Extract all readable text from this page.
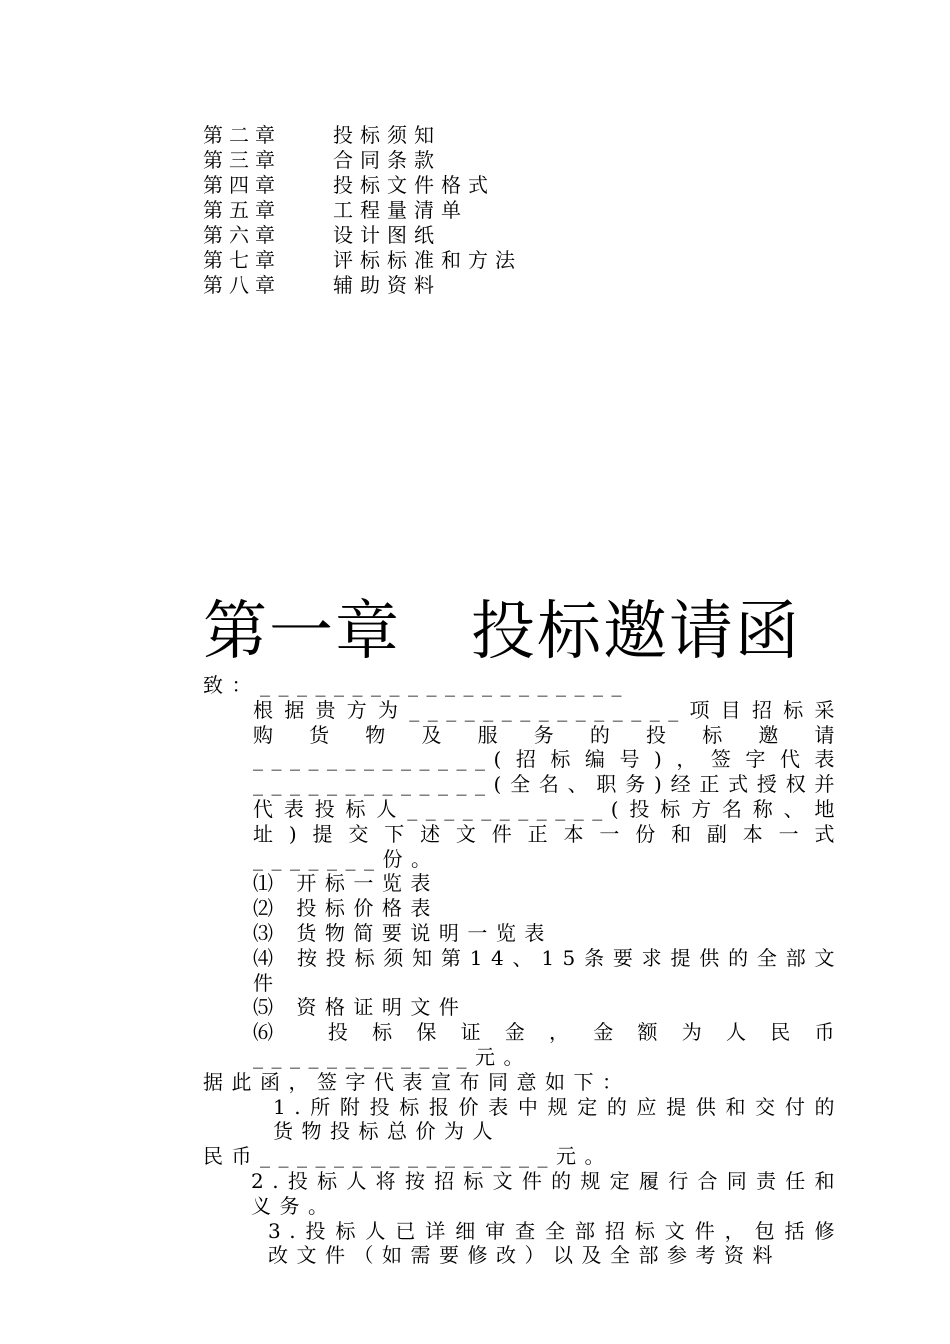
第二章	投标须知
第三章	合同条款
第四章	投标文件格式
第五章	工程量清单
第六章	设计图纸
第七章	评标标准和方法
第八章	辅助资料
第一章 投标邀请函

致：____________________

根据贵方为_______________项目招标采购货物及服务的投标邀请_____________(招标编号)，签字代表_____________(全名、职务)经正式授权并代表投标人___________(投标方名称、地址)提交下述文件正本一份和副本一式_______份。

⑴ 开标一览表

⑵ 投标价格表

⑶ 货物简要说明一览表

⑷ 按投标须知第14、15条要求提供的全部文件

⑸ 资格证明文件

⑹ 投标保证金，金额为人民币____________元。

据此函，签字代表宣布同意如下：

1.所附投标报价表中规定的应提供和交付的货物投标总价为人

民币________________元。

2.投标人将按招标文件的规定履行合同责任和义务。

3.投标人已详细审查全部招标文件，包括修改文件（如需要修改）以及全部参考资料
